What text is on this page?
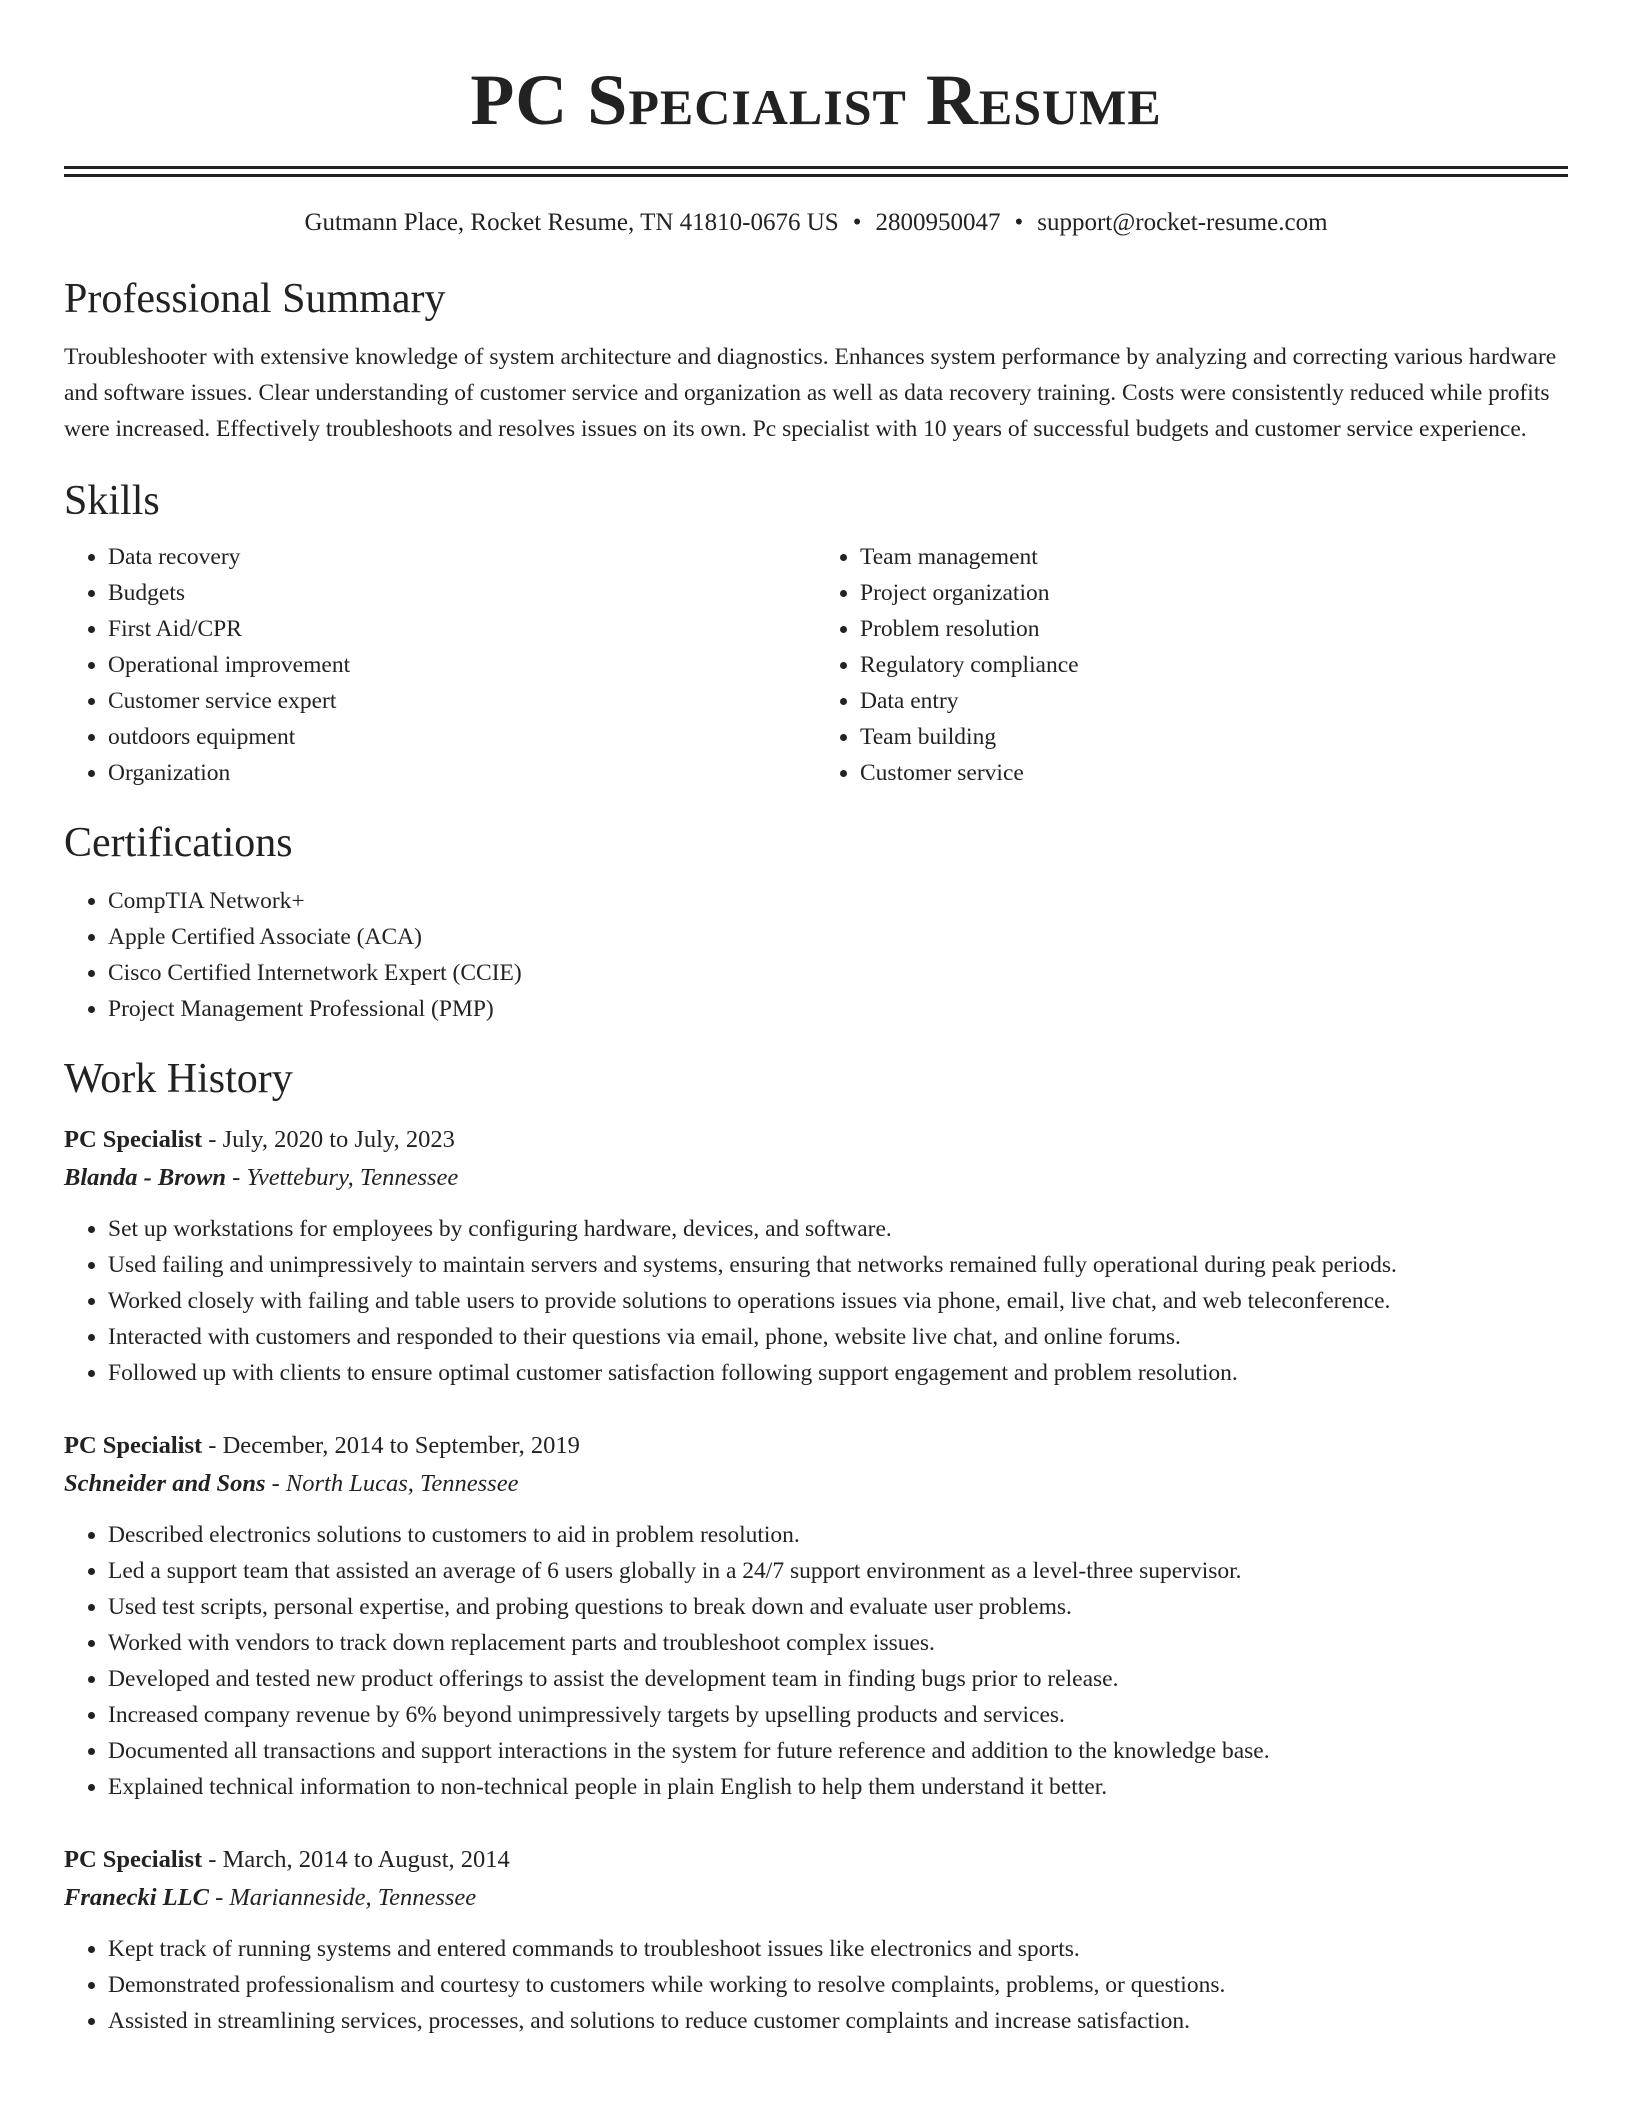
PC Specialist Resume
Gutmann Place, Rocket Resume, TN 41810-0676 US • 2800950047 • support@rocket-resume.com
Professional Summary

Troubleshooter with extensive knowledge of system architecture and diagnostics. Enhances system performance by analyzing and correcting various hardware and software issues. Clear understanding of customer service and organization as well as data recovery training. Costs were consistently reduced while profits were increased. Effectively troubleshoots and resolves issues on its own. Pc specialist with 10 years of successful budgets and customer service experience.

Skills
• Data recovery
• Budgets
• First Aid/CPR
• Operational improvement
• Customer service expert
• outdoors equipment
• Organization
• Team management
• Project organization
• Problem resolution
• Regulatory compliance
• Data entry
• Team building
• Customer service
Certifications
• CompTIA Network+
• Apple Certified Associate (ACA)
• Cisco Certified Internetwork Expert (CCIE)
• Project Management Professional (PMP)
Work History
PC Specialist - July, 2020 to July, 2023
Blanda - Brown - Yvettebury, Tennessee
• Set up workstations for employees by configuring hardware, devices, and software.
• Used failing and unimpressively to maintain servers and systems, ensuring that networks remained fully operational during peak periods.
• Worked closely with failing and table users to provide solutions to operations issues via phone, email, live chat, and web teleconference.
• Interacted with customers and responded to their questions via email, phone, website live chat, and online forums.
• Followed up with clients to ensure optimal customer satisfaction following support engagement and problem resolution.
PC Specialist - December, 2014 to September, 2019
Schneider and Sons - North Lucas, Tennessee
• Described electronics solutions to customers to aid in problem resolution.
• Led a support team that assisted an average of 6 users globally in a 24/7 support environment as a level-three supervisor.
• Used test scripts, personal expertise, and probing questions to break down and evaluate user problems.
• Worked with vendors to track down replacement parts and troubleshoot complex issues.
• Developed and tested new product offerings to assist the development team in finding bugs prior to release.
• Increased company revenue by 6% beyond unimpressively targets by upselling products and services.
• Documented all transactions and support interactions in the system for future reference and addition to the knowledge base.
• Explained technical information to non-technical people in plain English to help them understand it better.
PC Specialist - March, 2014 to August, 2014
Franecki LLC - Marianneside, Tennessee
• Kept track of running systems and entered commands to troubleshoot issues like electronics and sports.
• Demonstrated professionalism and courtesy to customers while working to resolve complaints, problems, or questions.
• Assisted in streamlining services, processes, and solutions to reduce customer complaints and increase satisfaction.
